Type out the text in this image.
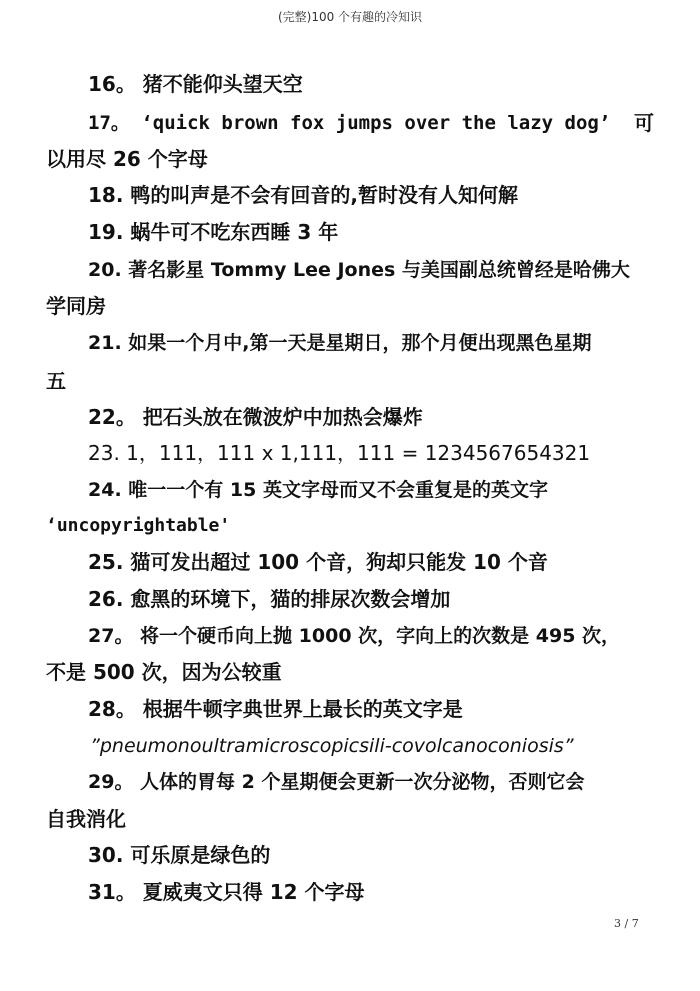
(完整)100 个有趣的冷知识
16。 猪不能仰头望天空
17。 ‘quick brown fox jumps over the lazy dog’ 可
以用尽 26 个字母
18. 鸭的叫声是不会有回音的,暂时没有人知何解
19. 蜗牛可不吃东西睡 3 年
20. 著名影星 Tommy Lee Jones 与美国副总统曾经是哈佛大
学同房
21. 如果一个月中,第一天是星期日，那个月便出现黑色星期
五
22。 把石头放在微波炉中加热会爆炸
23. 1，111，111 x 1,111，111 = 1234567654321
24. 唯一一个有 15 英文字母而又不会重复是的英文字
‘uncopyrightable'
25. 猫可发出超过 100 个音，狗却只能发 10 个音
26. 愈黑的环境下，猫的排尿次数会增加
27。 将一个硬币向上抛 1000 次，字向上的次数是 495 次，
不是 500 次，因为公较重
28。 根据牛顿字典世界上最长的英文字是
”pneumonoultramicroscopicsili-covolcanoconiosis”
29。 人体的胃每 2 个星期便会更新一次分泌物，否则它会
自我消化
30. 可乐原是绿色的
31。 夏威夷文只得 12 个字母
3 / 7
